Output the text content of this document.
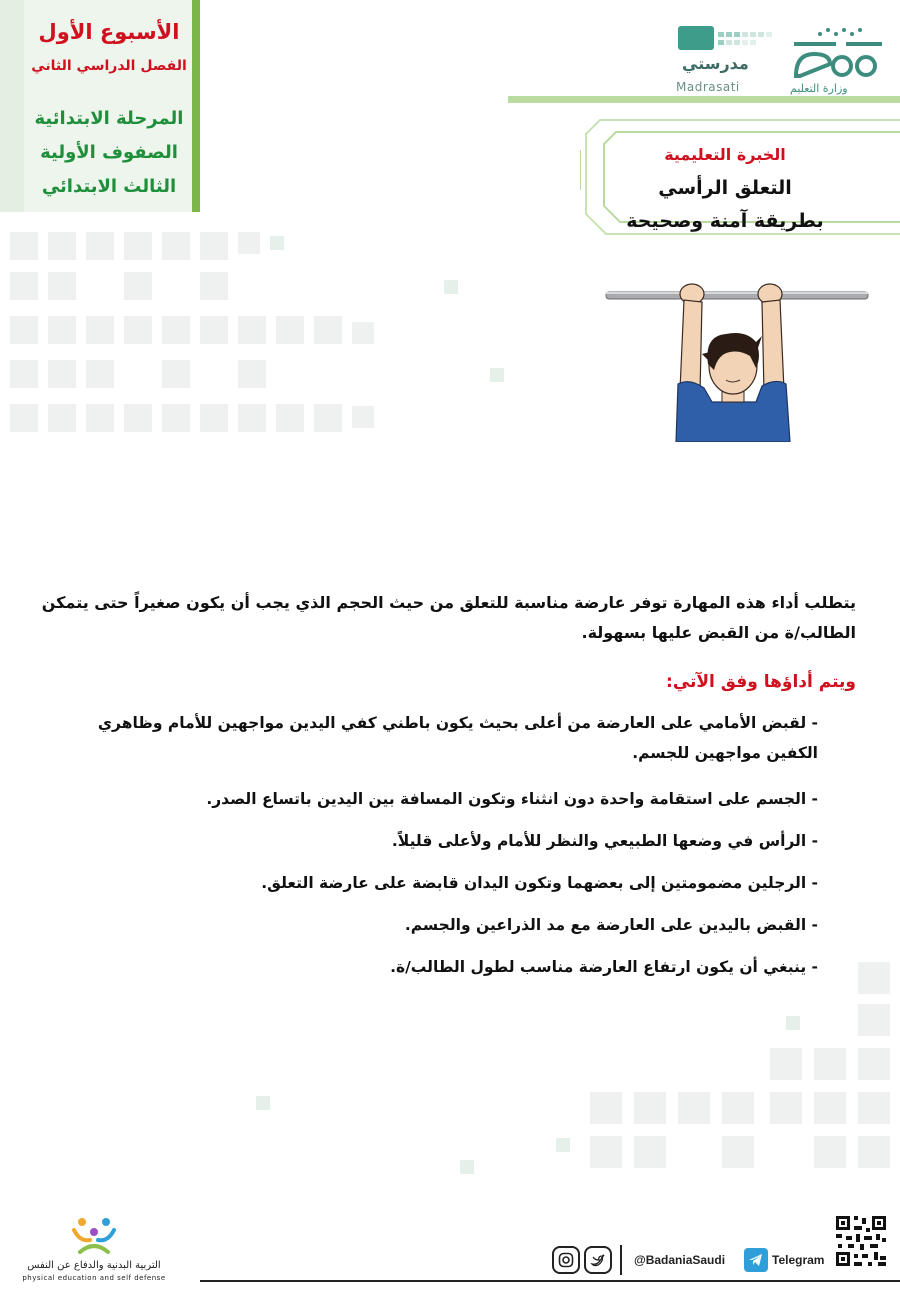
الأسبوع الأول
الفصل الدراسي الثاني
المرحلة الابتدائية
الصفوف الأولية
الثالث الابتدائي
مدرستي
Madrasati	وزارة التعليم
الخبرة التعليمية
التعلق الرأسي
بطريقة آمنة وصحيحة
يتطلب أداء هذه المهارة توفر عارضة مناسبة للتعلق من حيث الحجم الذي يجب أن يكون صغيراً حتى يتمكن الطالب/ة من القبض عليها بسهولة.
ويتم أداؤها وفق الآتي:
- لقبض الأمامي على العارضة من أعلى بحيث يكون باطني كفي اليدين مواجهين للأمام وظاهري الكفين مواجهين للجسم.
- الجسم على استقامة واحدة دون انثناء وتكون المسافة بين اليدين باتساع الصدر.
- الرأس في وضعها الطبيعي والنظر للأمام ولأعلى قليلاً.
- الرجلين مضمومتين إلى بعضهما وتكون اليدان قابضة على عارضة التعلق.
- القبض باليدين على العارضة مع مد الذراعين والجسم.
- ينبغي أن يكون ارتفاع العارضة مناسب لطول الطالب/ة.
التربية البدنية والدفاع عن النفس
physical education and self defense
@BadaniaSaudi	Telegram
